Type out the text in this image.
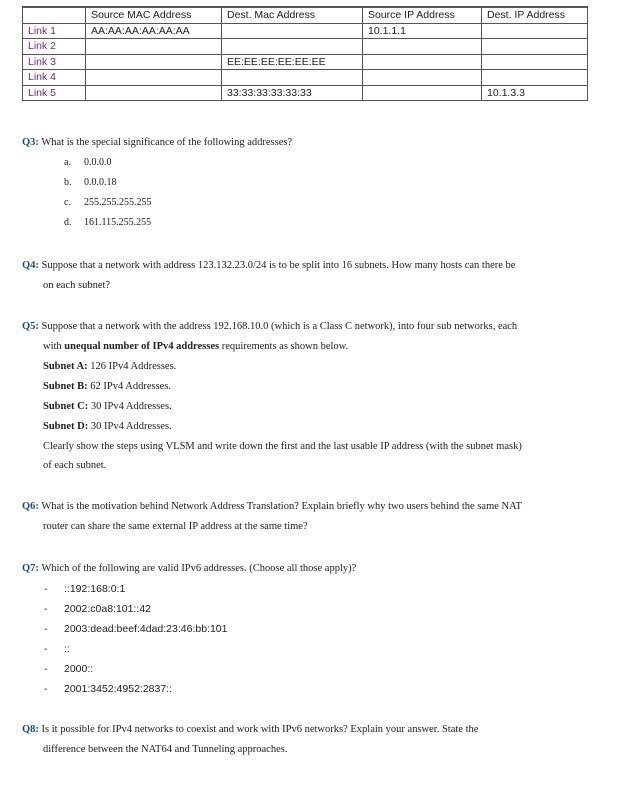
	Source MAC Address	Dest. Mac Address	Source IP Address	Dest. IP Address
Link 1	AA:AA:AA:AA:AA:AA		10.1.1.1	
Link 2				
Link 3		EE:EE:EE:EE:EE:EE		
Link 4				
Link 5		33:33:33:33:33:33		10.1.3.3
Q3: What is the special significance of the following addresses?
a. 0.0.0.0
b. 0.0.0.18
c. 255.255.255.255
d. 161.115.255.255
Q4: Suppose that a network with address 123.132.23.0/24 is to be split into 16 subnets. How many hosts can there be
on each subnet?
Q5: Suppose that a network with the address 192.168.10.0 (which is a Class C network), into four sub networks, each
with unequal number of IPv4 addresses requirements as shown below.
Subnet A: 126 IPv4 Addresses.
Subnet B: 62 IPv4 Addresses.
Subnet C: 30 IPv4 Addresses.
Subnet D: 30 IPv4 Addresses.
Clearly show the steps using VLSM and write down the first and the last usable IP address (with the subnet mask)
of each subnet.
Q6: What is the motivation behind Network Address Translation? Explain briefly why two users behind the same NAT
router can share the same external IP address at the same time?
Q7: Which of the following are valid IPv6 addresses. (Choose all those apply)?
- ::192:168:0:1
- 2002:c0a8:101::42
- 2003:dead:beef:4dad:23:46:bb:101
- ::
- 2000::
- 2001:3452:4952:2837::
Q8: Is it possible for IPv4 networks to coexist and work with IPv6 networks? Explain your answer. State the
difference between the NAT64 and Tunneling approaches.
